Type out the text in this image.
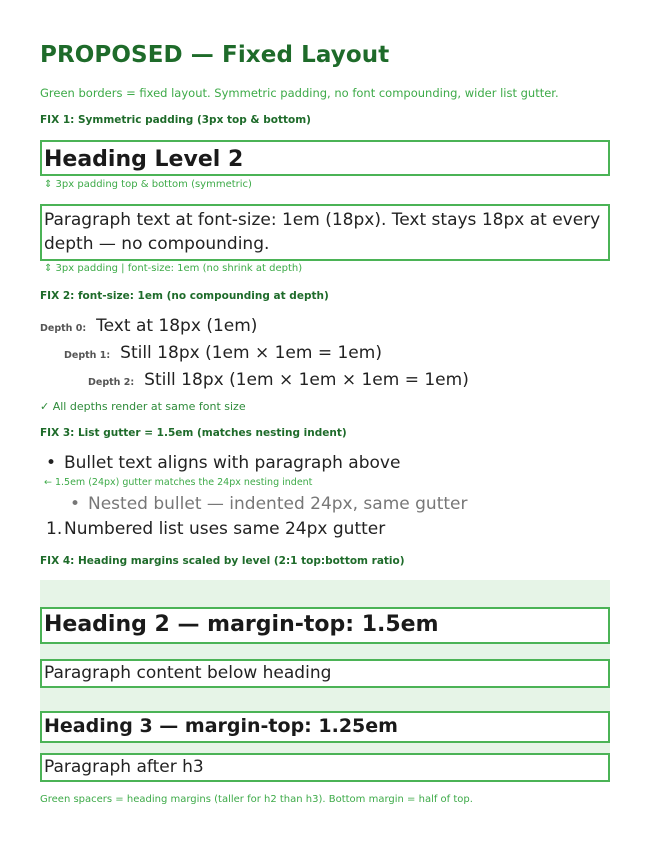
PROPOSED — Fixed Layout
Green borders = fixed layout. Symmetric padding, no font compounding, wider list gutter.
FIX 1: Symmetric padding (3px top & bottom)
Heading Level 2
⇕ 3px padding top & bottom (symmetric)
Paragraph text at font-size: 1em (18px). Text stays 18px at every depth — no compounding.
⇕ 3px padding | font-size: 1em (no shrink at depth)
FIX 2: font-size: 1em (no compounding at depth)
Depth 0: Text at 18px (1em)
Depth 1: Still 18px (1em × 1em = 1em)
Depth 2: Still 18px (1em × 1em × 1em = 1em)
✓ All depths render at same font size
FIX 3: List gutter = 1.5em (matches nesting indent)
• Bullet text aligns with paragraph above
← 1.5em (24px) gutter matches the 24px nesting indent
• Nested bullet — indented 24px, same gutter
1. Numbered list uses same 24px gutter
FIX 4: Heading margins scaled by level (2:1 top:bottom ratio)
Heading 2 — margin-top: 1.5em
Paragraph content below heading
Heading 3 — margin-top: 1.25em
Paragraph after h3
Green spacers = heading margins (taller for h2 than h3). Bottom margin = half of top.
